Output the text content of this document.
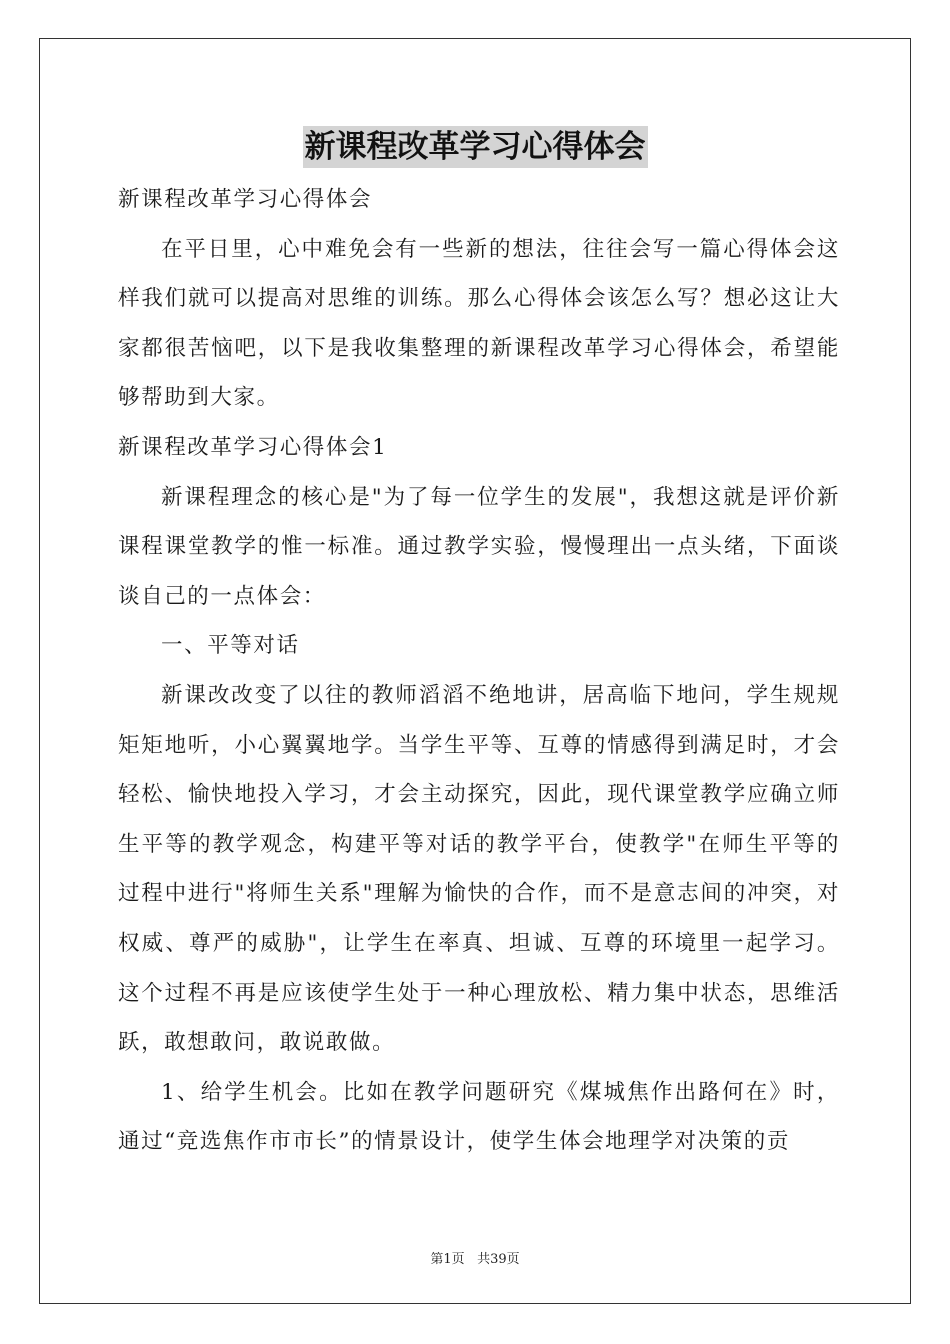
新课程改革学习心得体会

新课程改革学习心得体会

在平日里，心中难免会有一些新的想法，往往会写一篇心得体会这样我们就可以提高对思维的训练。那么心得体会该怎么写？想必这让大家都很苦恼吧，以下是我收集整理的新课程改革学习心得体会，希望能够帮助到大家。

新课程改革学习心得体会1

新课程理念的核心是"为了每一位学生的发展"，我想这就是评价新课程课堂教学的惟一标准。通过教学实验，慢慢理出一点头绪，下面谈谈自己的一点体会：

一、平等对话

新课改改变了以往的教师滔滔不绝地讲，居高临下地问，学生规规矩矩地听，小心翼翼地学。当学生平等、互尊的情感得到满足时，才会轻松、愉快地投入学习，才会主动探究，因此，现代课堂教学应确立师生平等的教学观念，构建平等对话的教学平台，使教学"在师生平等的过程中进行"将师生关系"理解为愉快的合作，而不是意志间的冲突，对权威、尊严的威胁"，让学生在率真、坦诚、互尊的环境里一起学习。这个过程不再是应该使学生处于一种心理放松、精力集中状态，思维活跃，敢想敢问，敢说敢做。

1、给学生机会。比如在教学问题研究《煤城焦作出路何在》时，通过“竞选焦作市市长”的情景设计，使学生体会地理学对决策的贡

第1页 共39页
